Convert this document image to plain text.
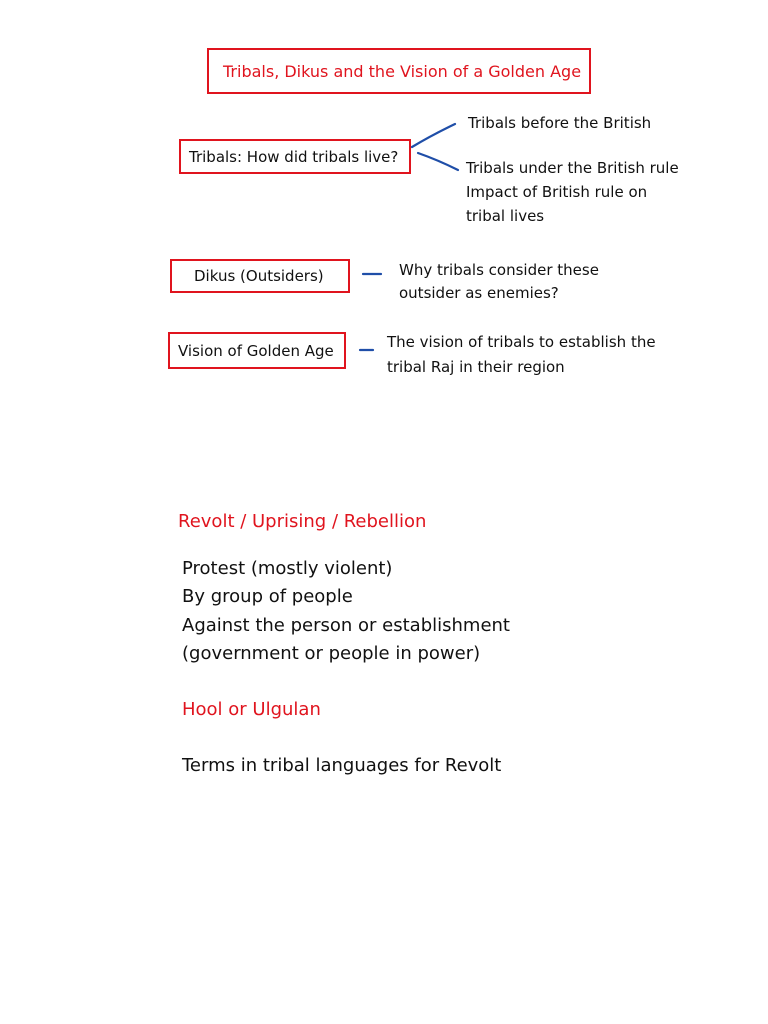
Tribals, Dikus and the Vision of a Golden Age
Tribals: How did tribals live?
Tribals before the British
Tribals under the British rule
Impact of British rule on
tribal lives
Dikus (Outsiders)	Why tribals consider these
outsider as enemies?
Vision of Golden Age	The vision of tribals to establish the
tribal Raj in their region
Revolt / Uprising / Rebellion
Protest (mostly violent)
By group of people
Against the person or establishment
(government or people in power)
Hool or Ulgulan
Terms in tribal languages for Revolt
